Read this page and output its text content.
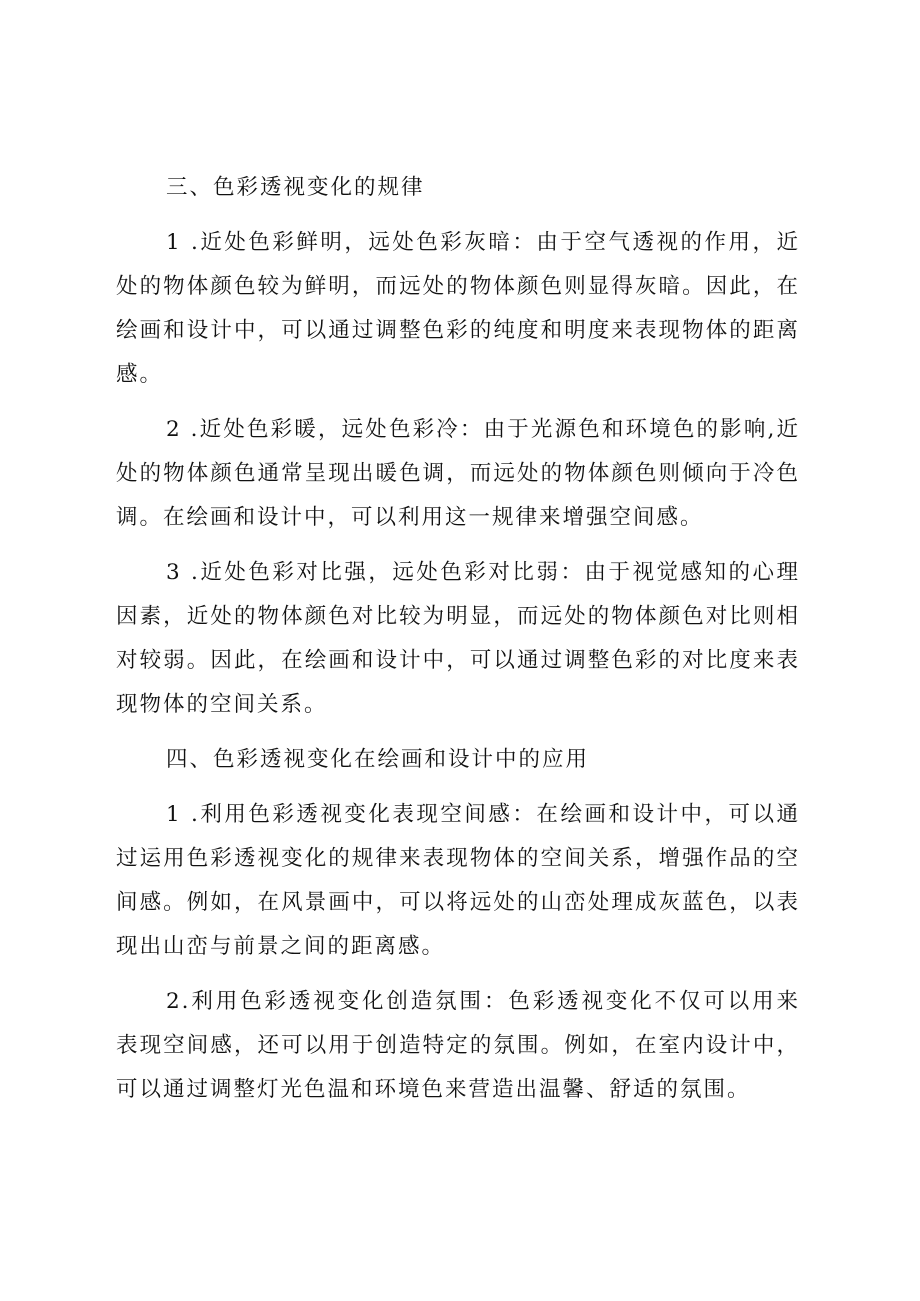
三、色彩透视变化的规律

1 .近处色彩鲜明，远处色彩灰暗：由于空气透视的作用，近处的物体颜色较为鲜明，而远处的物体颜色则显得灰暗。因此，在绘画和设计中，可以通过调整色彩的纯度和明度来表现物体的距离感。

2 .近处色彩暖，远处色彩冷：由于光源色和环境色的影响,近处的物体颜色通常呈现出暖色调，而远处的物体颜色则倾向于冷色调。在绘画和设计中，可以利用这一规律来增强空间感。

3 .近处色彩对比强，远处色彩对比弱：由于视觉感知的心理因素，近处的物体颜色对比较为明显，而远处的物体颜色对比则相对较弱。因此，在绘画和设计中，可以通过调整色彩的对比度来表现物体的空间关系。

四、色彩透视变化在绘画和设计中的应用

1 .利用色彩透视变化表现空间感：在绘画和设计中，可以通过运用色彩透视变化的规律来表现物体的空间关系，增强作品的空间感。例如，在风景画中，可以将远处的山峦处理成灰蓝色，以表现出山峦与前景之间的距离感。

2.利用色彩透视变化创造氛围：色彩透视变化不仅可以用来表现空间感，还可以用于创造特定的氛围。例如，在室内设计中，可以通过调整灯光色温和环境色来营造出温馨、舒适的氛围。
